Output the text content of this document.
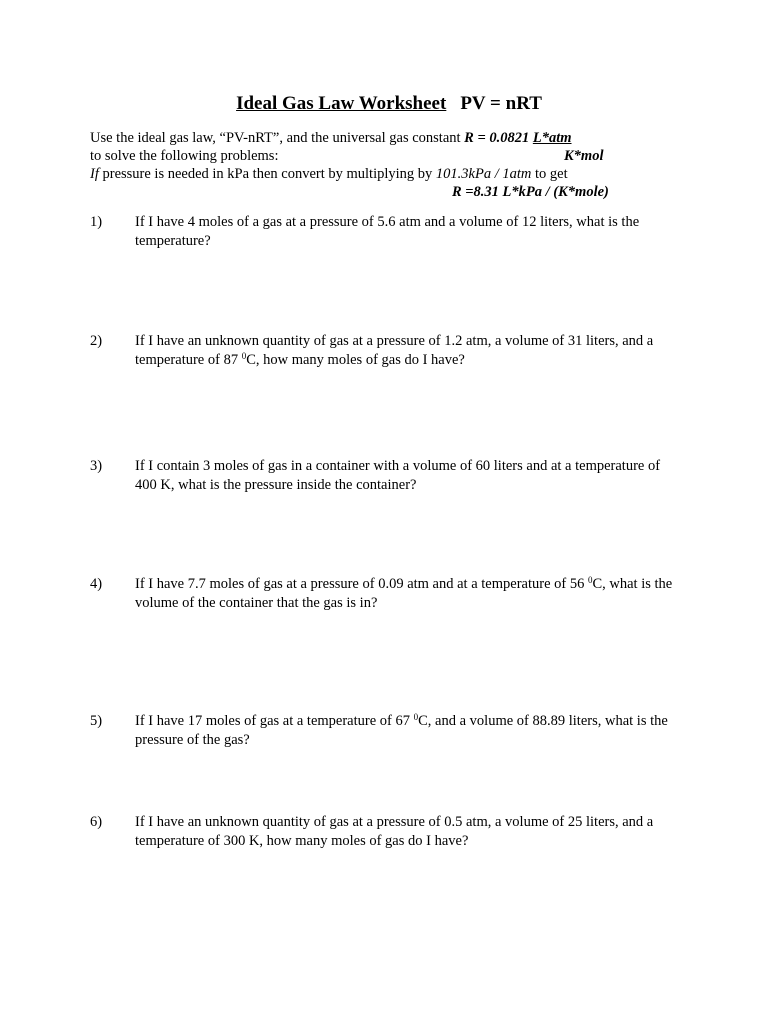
Ideal Gas Law Worksheet PV = nRT
Use the ideal gas law, “PV-nRT”, and the universal gas constant R = 0.0821 L*atm
to solve the following problems:	K*mol
If pressure is needed in kPa then convert by multiplying by 101.3kPa / 1atm to get
R =8.31 L*kPa / (K*mole)
1) If I have 4 moles of a gas at a pressure of 5.6 atm and a volume of 12 liters, what is the temperature?
2) If I have an unknown quantity of gas at a pressure of 1.2 atm, a volume of 31 liters, and a temperature of 87 $^0$C, how many moles of gas do I have?
3) If I contain 3 moles of gas in a container with a volume of 60 liters and at a temperature of 400 K, what is the pressure inside the container?
4) If I have 7.7 moles of gas at a pressure of 0.09 atm and at a temperature of 56 $^0$C, what is the volume of the container that the gas is in?
5) If I have 17 moles of gas at a temperature of 67 $^0$C, and a volume of 88.89 liters, what is the pressure of the gas?
6) If I have an unknown quantity of gas at a pressure of 0.5 atm, a volume of 25 liters, and a temperature of 300 K, how many moles of gas do I have?
